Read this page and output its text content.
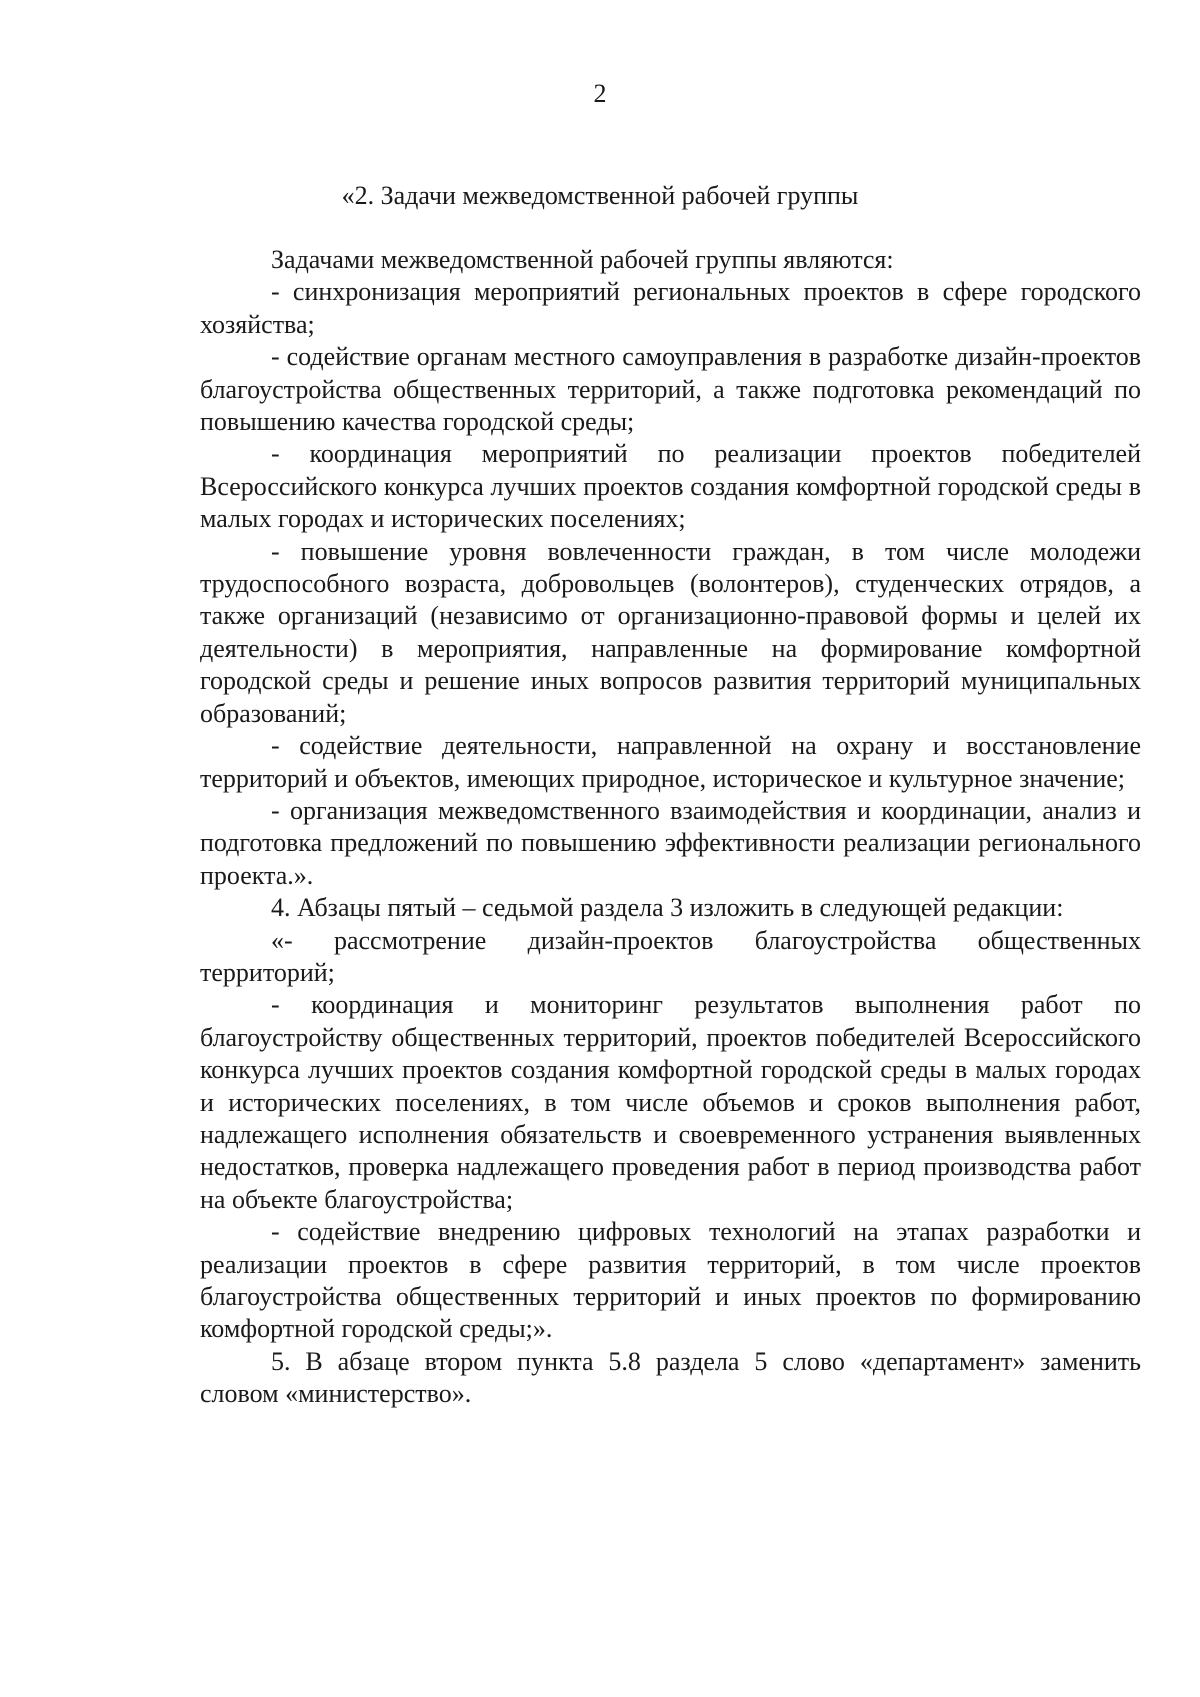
2
«2. Задачи межведомственной рабочей группы

Задачами межведомственной рабочей группы являются:

- синхронизация мероприятий региональных проектов в сфере городского хозяйства;

- содействие органам местного самоуправления в разработке дизайн-проектов благоустройства общественных территорий, а также подготовка рекомендаций по повышению качества городской среды;

- координация мероприятий по реализации проектов победителей Всероссийского конкурса лучших проектов создания комфортной городской среды в малых городах и исторических поселениях;

- повышение уровня вовлеченности граждан, в том числе молодежи трудоспособного возраста, добровольцев (волонтеров), студенческих отрядов, а также организаций (независимо от организационно-правовой формы и целей их деятельности) в мероприятия, направленные на формирование комфортной городской среды и решение иных вопросов развития территорий муниципальных образований;

- содействие деятельности, направленной на охрану и восстановление территорий и объектов, имеющих природное, историческое и культурное значение;

- организация межведомственного взаимодействия и координации, анализ и подготовка предложений по повышению эффективности реализации регионального проекта.».

4. Абзацы пятый – седьмой раздела 3 изложить в следующей редакции:

«- рассмотрение дизайн-проектов благоустройства общественных территорий;

- координация и мониторинг результатов выполнения работ по благоустройству общественных территорий, проектов победителей Всероссийского конкурса лучших проектов создания комфортной городской среды в малых городах и исторических поселениях, в том числе объемов и сроков выполнения работ, надлежащего исполнения обязательств и своевременного устранения выявленных недостатков, проверка надлежащего проведения работ в период производства работ на объекте благоустройства;

- содействие внедрению цифровых технологий на этапах разработки и реализации проектов в сфере развития территорий, в том числе проектов благоустройства общественных территорий и иных проектов по формированию комфортной городской среды;».

5. В абзаце втором пункта 5.8 раздела 5 слово «департамент» заменить словом «министерство».
